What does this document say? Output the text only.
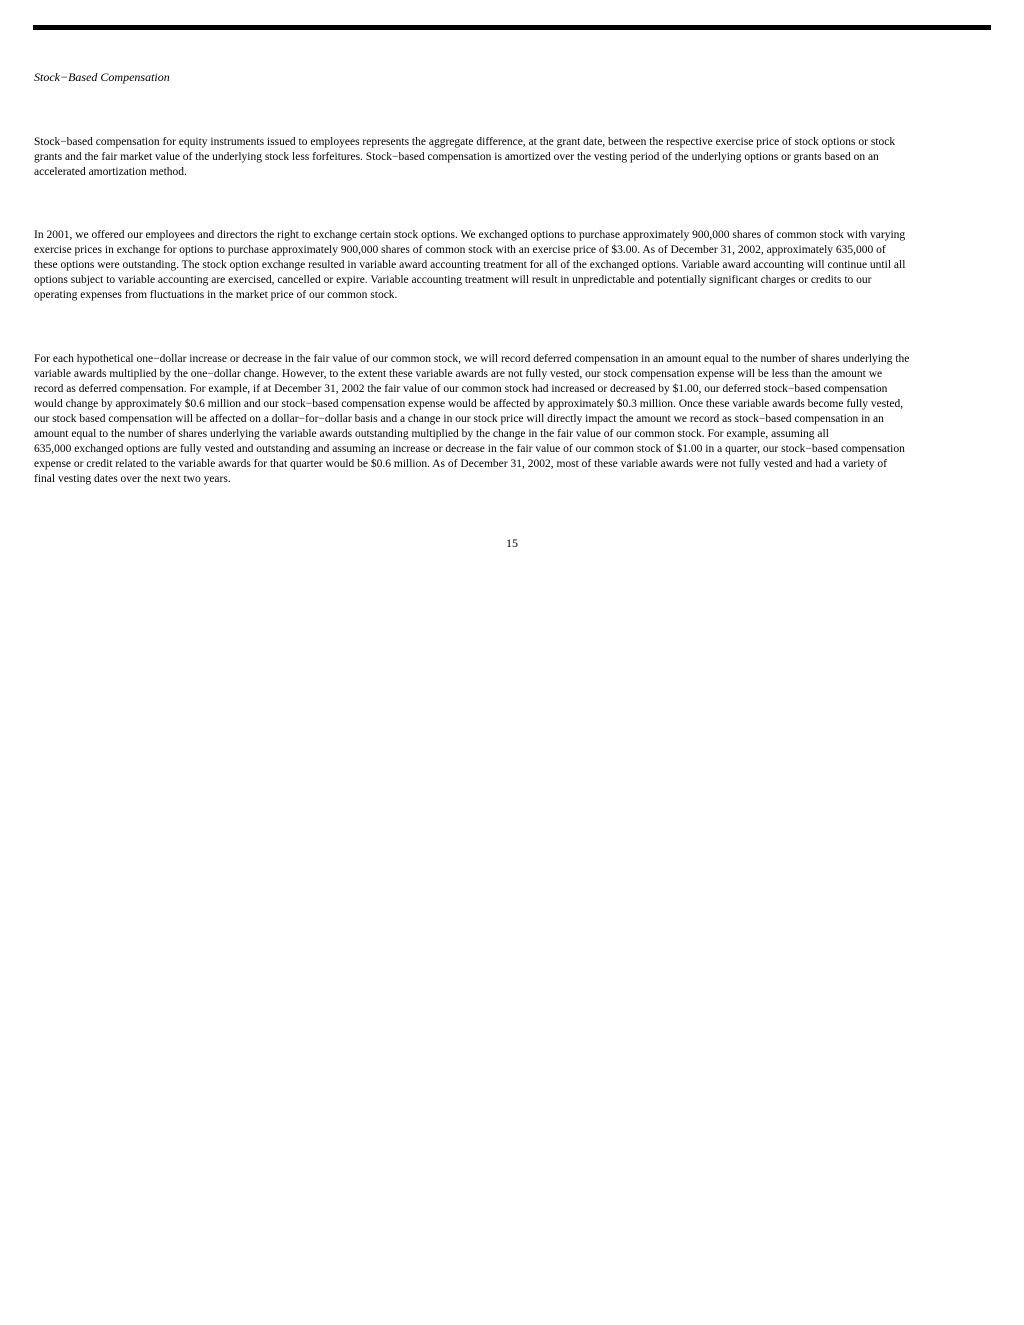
Stock−Based Compensation

Stock−based compensation for equity instruments issued to employees represents the aggregate difference, at the grant date, between the respective exercise price of stock options or stock
grants and the fair market value of the underlying stock less forfeitures. Stock−based compensation is amortized over the vesting period of the underlying options or grants based on an
accelerated amortization method.

In 2001, we offered our employees and directors the right to exchange certain stock options. We exchanged options to purchase approximately 900,000 shares of common stock with varying
exercise prices in exchange for options to purchase approximately 900,000 shares of common stock with an exercise price of $3.00. As of December 31, 2002, approximately 635,000 of
these options were outstanding. The stock option exchange resulted in variable award accounting treatment for all of the exchanged options. Variable award accounting will continue until all
options subject to variable accounting are exercised, cancelled or expire. Variable accounting treatment will result in unpredictable and potentially significant charges or credits to our
operating expenses from fluctuations in the market price of our common stock.

For each hypothetical one−dollar increase or decrease in the fair value of our common stock, we will record deferred compensation in an amount equal to the number of shares underlying the
variable awards multiplied by the one−dollar change. However, to the extent these variable awards are not fully vested, our stock compensation expense will be less than the amount we
record as deferred compensation. For example, if at December 31, 2002 the fair value of our common stock had increased or decreased by $1.00, our deferred stock−based compensation
would change by approximately $0.6 million and our stock−based compensation expense would be affected by approximately $0.3 million. Once these variable awards become fully vested,
our stock based compensation will be affected on a dollar−for−dollar basis and a change in our stock price will directly impact the amount we record as stock−based compensation in an
amount equal to the number of shares underlying the variable awards outstanding multiplied by the change in the fair value of our common stock. For example, assuming all
635,000 exchanged options are fully vested and outstanding and assuming an increase or decrease in the fair value of our common stock of $1.00 in a quarter, our stock−based compensation
expense or credit related to the variable awards for that quarter would be $0.6 million. As of December 31, 2002, most of these variable awards were not fully vested and had a variety of
final vesting dates over the next two years.

15
